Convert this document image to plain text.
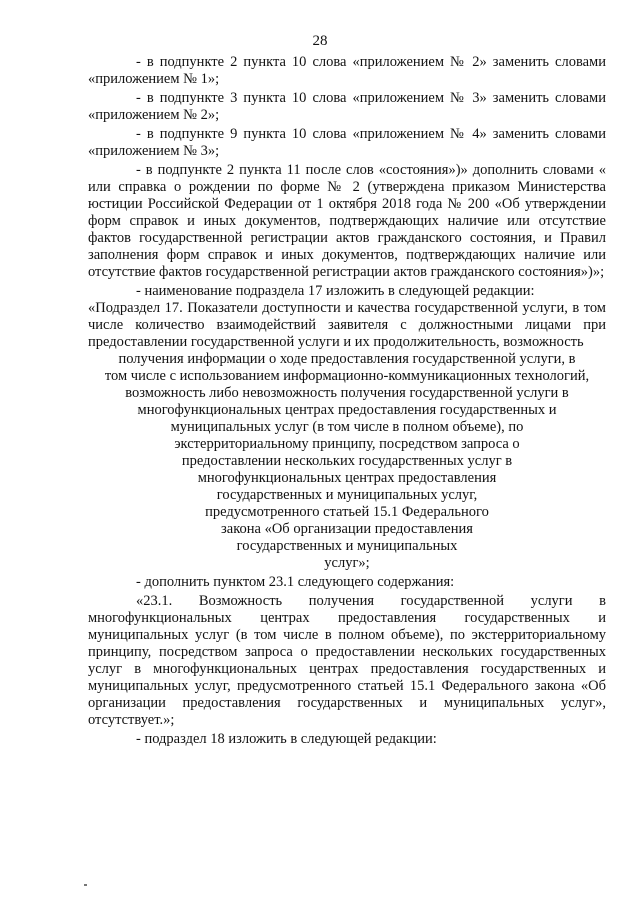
28

- в подпункте 2 пункта 10 слова «приложением № 2» заменить словами «приложением № 1»;

- в подпункте 3 пункта 10 слова «приложением № 3» заменить словами «приложением № 2»;

- в подпункте 9 пункта 10 слова «приложением № 4» заменить словами «приложением № 3»;

- в подпункте 2 пункта 11 после слов «состояния»)» дополнить словами « или справка о рождении по форме № 2 (утверждена приказом Министерства юстиции Российской Федерации от 1 октября 2018 года № 200 «Об утверждении форм справок и иных документов, подтверждающих наличие или отсутствие фактов государственной регистрации актов гражданского состояния, и Правил заполнения форм справок и иных документов, подтверждающих наличие или отсутствие фактов государственной регистрации актов гражданского состояния»)»;

- наименование подраздела 17 изложить в следующей редакции:

«Подраздел 17. Показатели доступности и качества государственной услуги, в том числе количество взаимодействий заявителя с должностными лицами при предоставлении государственной услуги и их продолжительность, возможность

получения информации о ходе предоставления государственной услуги, в
том числе с использованием информационно-коммуникационных технологий,
возможность либо невозможность получения государственной услуги в
многофункциональных центрах предоставления государственных и
муниципальных услуг (в том числе в полном объеме), по
экстерриториальному принципу, посредством запроса о
предоставлении нескольких государственных услуг в
многофункциональных центрах предоставления
государственных и муниципальных услуг,
предусмотренного статьей 15.1 Федерального
закона «Об организации предоставления
государственных и муниципальных
услуг»;

- дополнить пунктом 23.1 следующего содержания:

«23.1. Возможность получения государственной услуги в многофункциональных центрах предоставления государственных и муниципальных услуг (в том числе в полном объеме), по экстерриториальному принципу, посредством запроса о предоставлении нескольких государственных услуг в многофункциональных центрах предоставления государственных и муниципальных услуг, предусмотренного статьей 15.1 Федерального закона «Об организации предоставления государственных и муниципальных услуг», отсутствует.»;

- подраздел 18 изложить в следующей редакции:
